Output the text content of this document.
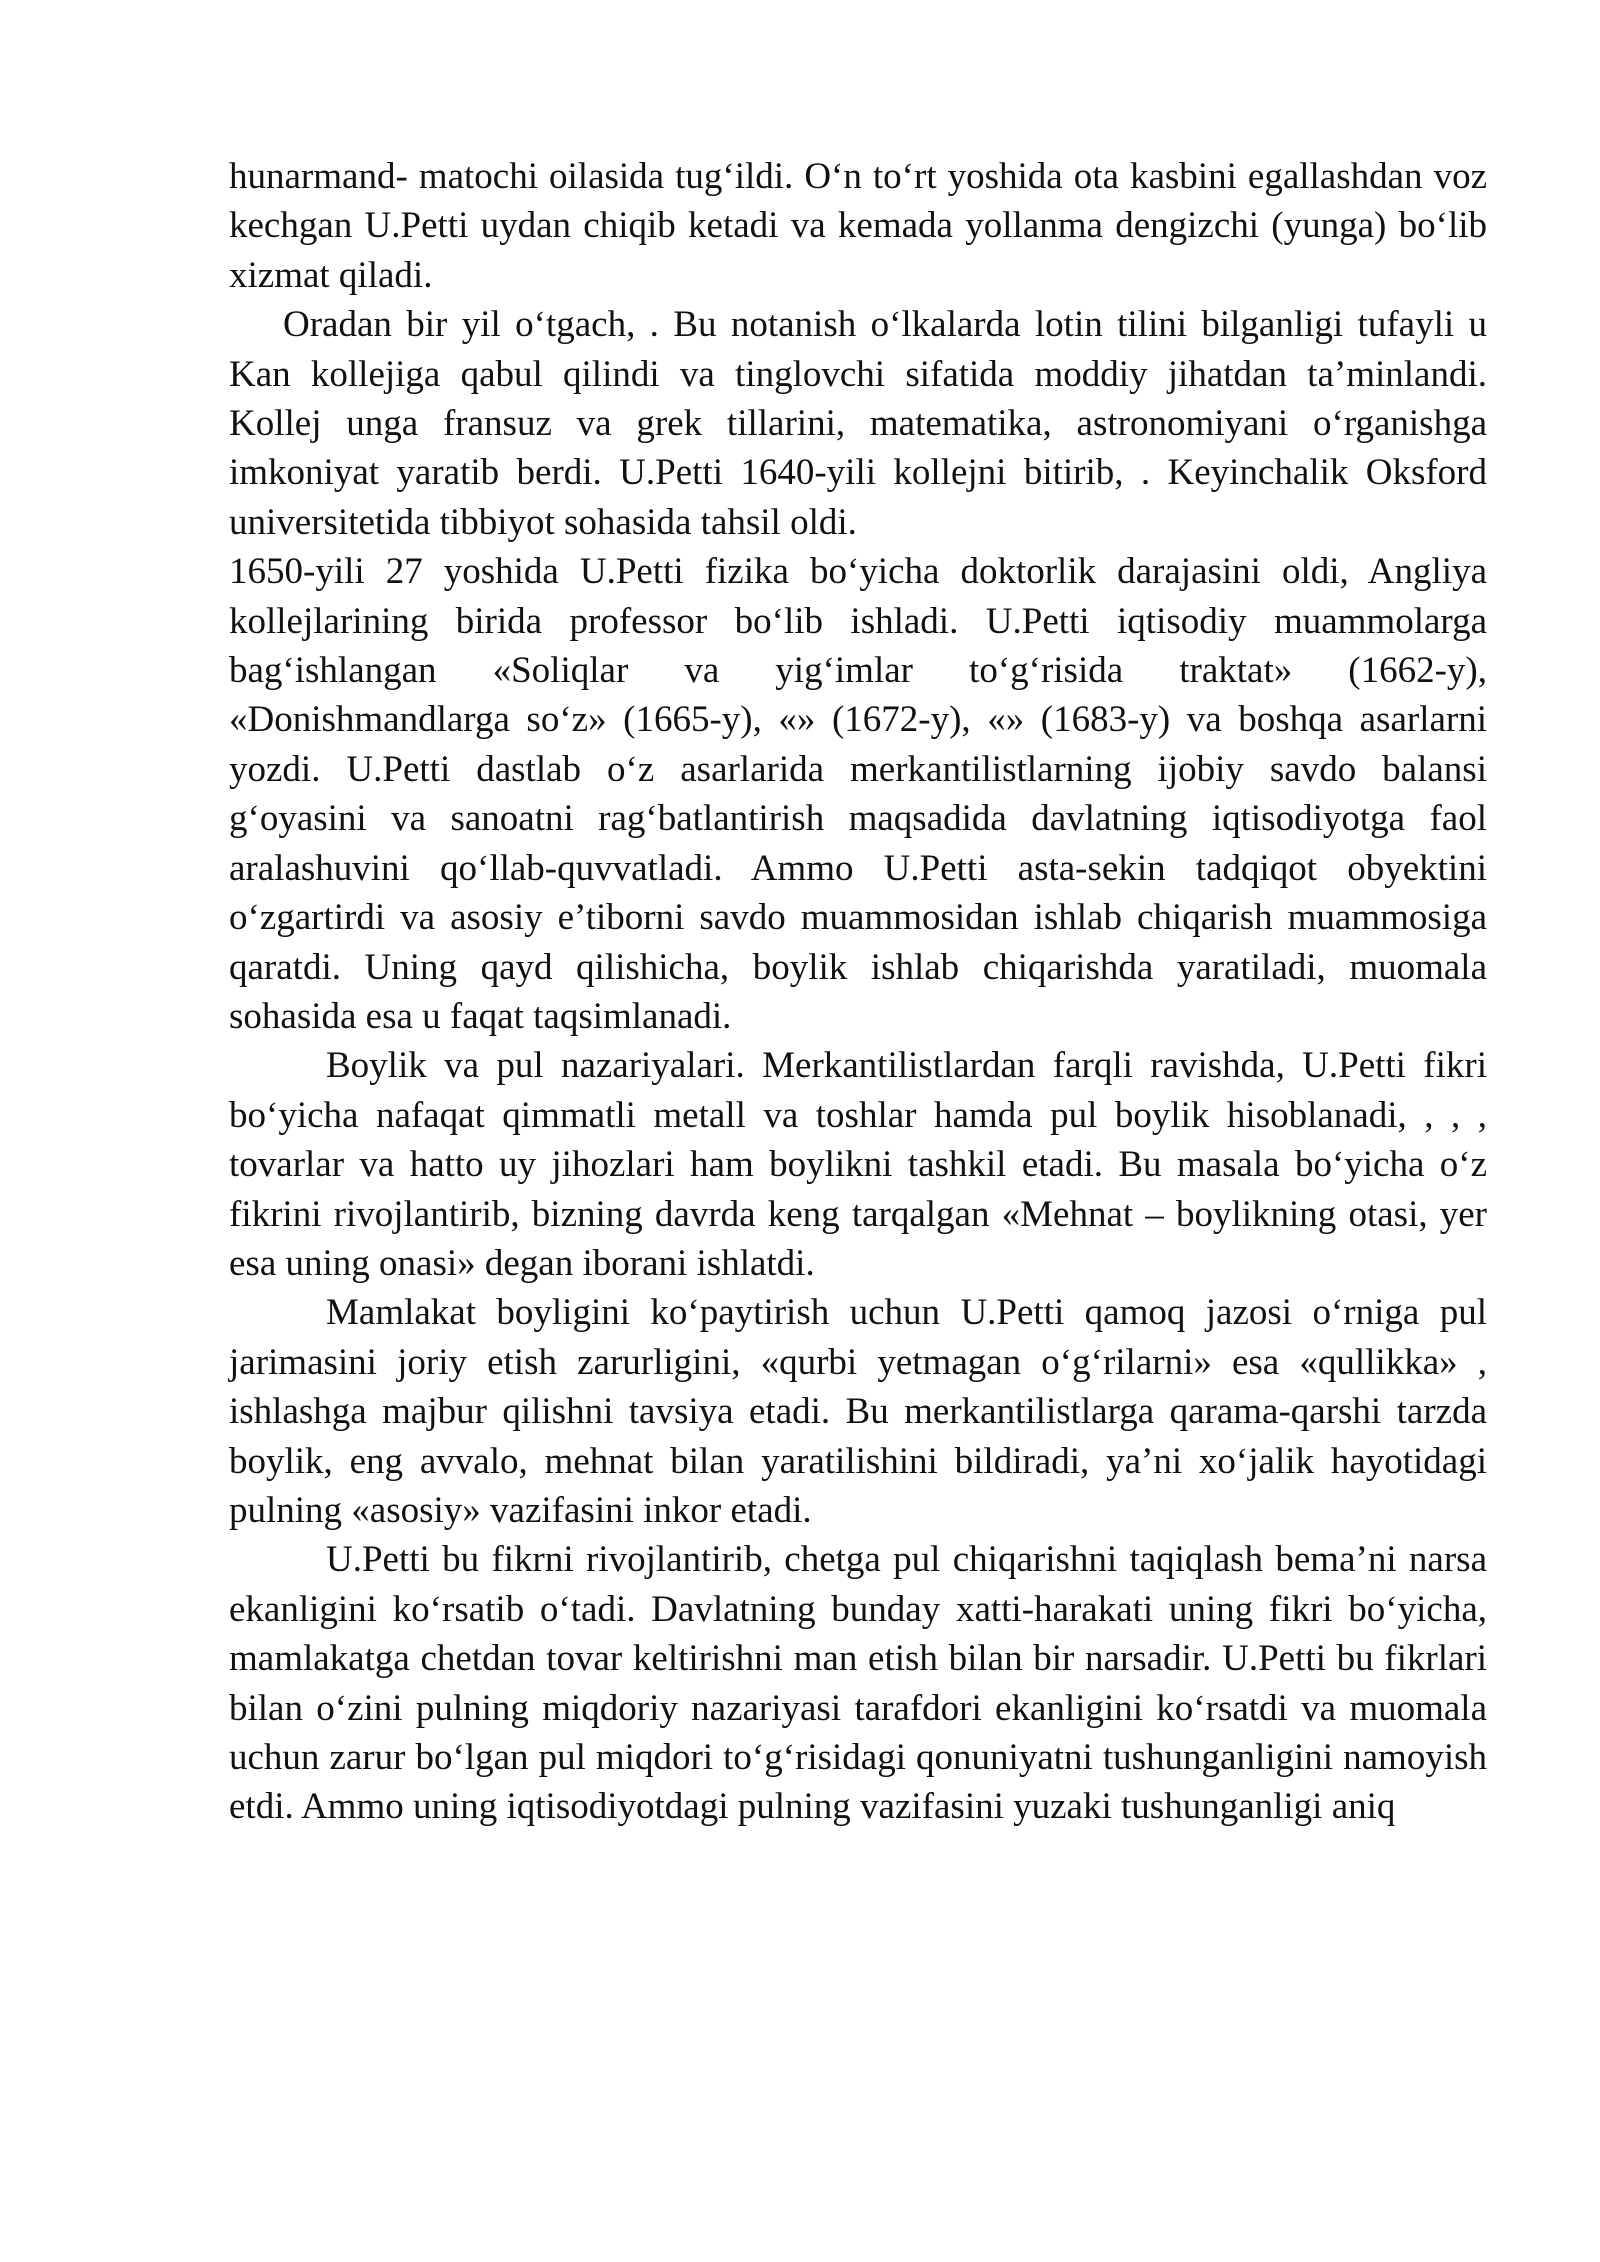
hunarmand- matochi oilasida tug‘ildi. O‘n to‘rt yoshida ota kasbini egallashdan voz kechgan U.Petti uydan chiqib ketadi va kemada yollanma dengizchi (yunga) bo‘lib xizmat qiladi.

Oradan bir yil o‘tgach, . Bu notanish o‘lkalarda lotin tilini bilganligi tufayli u Kan kollejiga qabul qilindi va tinglovchi sifatida moddiy jihatdan ta’minlandi. Kollej unga fransuz va grek tillarini, matematika, astronomiyani o‘rganishga imkoniyat yaratib berdi. U.Petti 1640-yili kollejni bitirib, . Keyinchalik Oksford universitetida tibbiyot sohasida tahsil oldi.

1650-yili 27 yoshida U.Petti fizika bo‘yicha doktorlik darajasini oldi, Angliya kollejlarining birida professor bo‘lib ishladi. U.Petti iqtisodiy muammolarga bag‘ishlangan «Soliqlar va yig‘imlar to‘g‘risida traktat» (1662-y), «Donishmandlarga so‘z» (1665-y), «» (1672-y), «» (1683-y) va boshqa asarlarni yozdi. U.Petti dastlab o‘z asarlarida merkantilistlarning ijobiy savdo balansi g‘oyasini va sanoatni rag‘batlantirish maqsadida davlatning iqtisodiyotga faol aralashuvini qo‘llab-quvvatladi. Ammo U.Petti asta-sekin tadqiqot obyektini o‘zgartirdi va asosiy e’tiborni savdo muammosidan ishlab chiqarish muammosiga qaratdi. Uning qayd qilishicha, boylik ishlab chiqarishda yaratiladi, muomala sohasida esa u faqat taqsimlanadi.

Boylik va pul nazariyalari. Merkantilistlardan farqli ravishda, U.Petti fikri bo‘yicha nafaqat qimmatli metall va toshlar hamda pul boylik hisoblanadi, , , , tovarlar va hatto uy jihozlari ham boylikni tashkil etadi. Bu masala bo‘yicha o‘z fikrini rivojlantirib, bizning davrda keng tarqalgan «Mehnat – boylikning otasi, yer esa uning onasi» degan iborani ishlatdi.

Mamlakat boyligini ko‘paytirish uchun U.Petti qamoq jazosi o‘rniga pul jarimasini joriy etish zarurligini, «qurbi yetmagan o‘g‘rilarni» esa «qullikka» , ishlashga majbur qilishni tavsiya etadi. Bu merkantilistlarga qarama-qarshi tarzda boylik, eng avvalo, mehnat bilan yaratilishini bildiradi, ya’ni xo‘jalik hayotidagi pulning «asosiy» vazifasini inkor etadi.

U.Petti bu fikrni rivojlantirib, chetga pul chiqarishni taqiqlash bema’ni narsa ekanligini ko‘rsatib o‘tadi. Davlatning bunday xatti-harakati uning fikri bo‘yicha, mamlakatga chetdan tovar keltirishni man etish bilan bir narsadir. U.Petti bu fikrlari bilan o‘zini pulning miqdoriy nazariyasi tarafdori ekanligini ko‘rsatdi va muomala uchun zarur bo‘lgan pul miqdori to‘g‘risidagi qonuniyatni tushunganligini namoyish etdi. Ammo uning iqtisodiyotdagi pulning vazifasini yuzaki tushunganligi aniq
